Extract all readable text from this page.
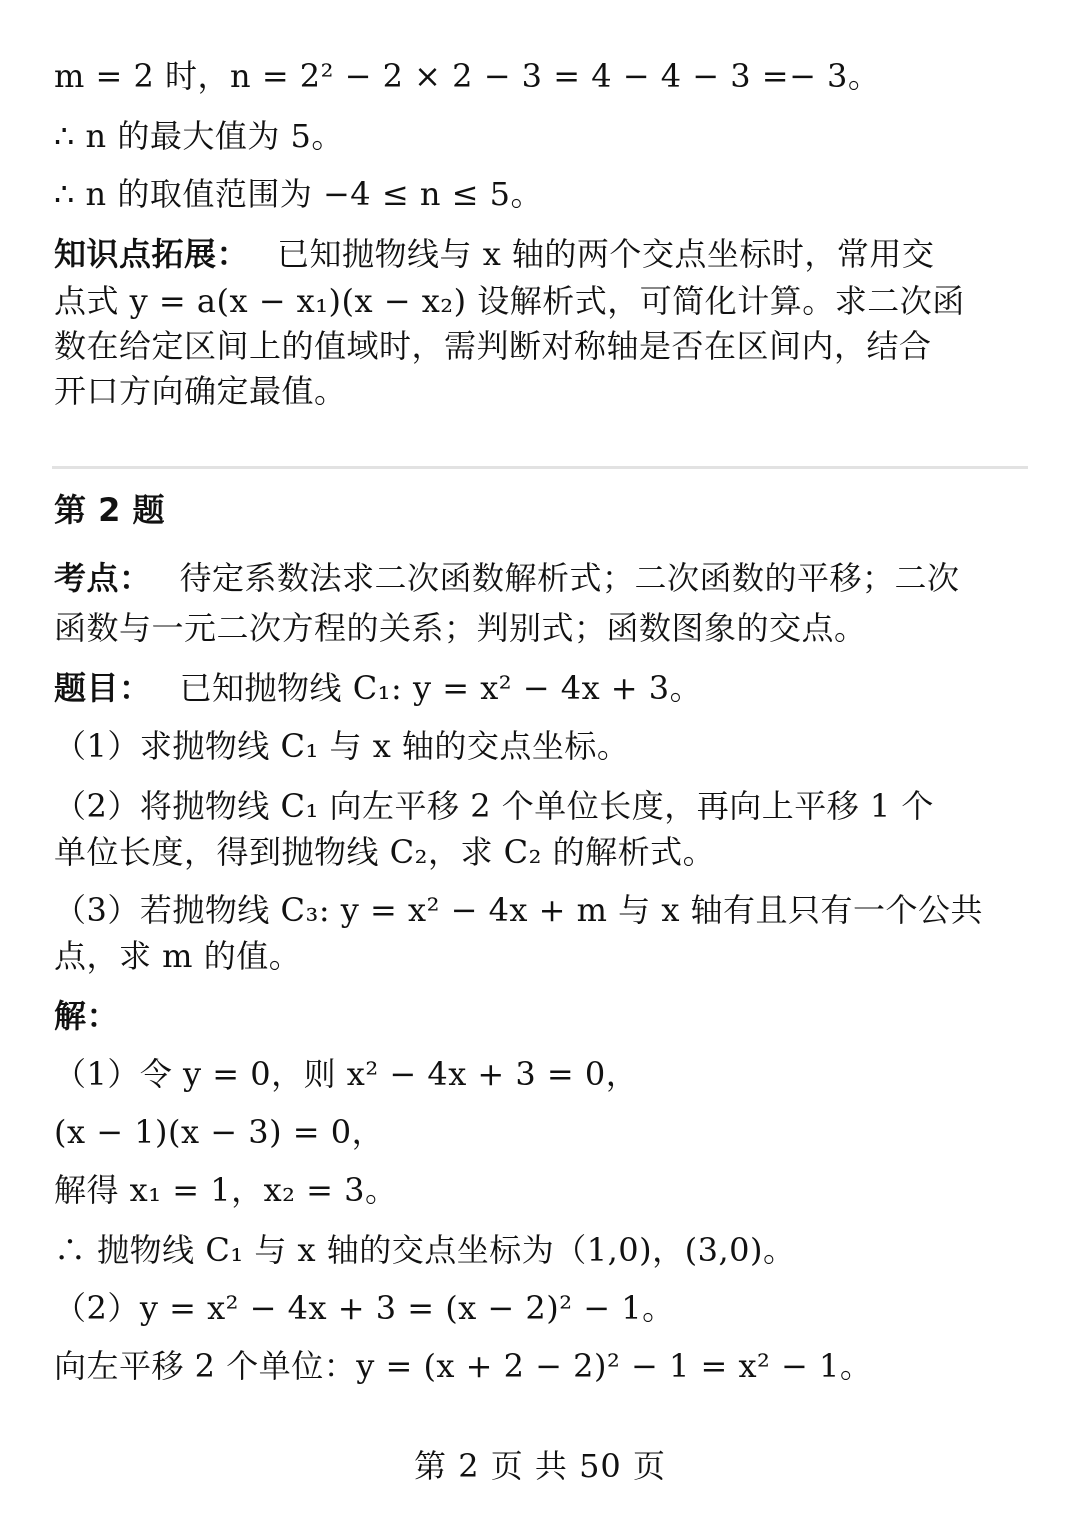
m = 2 时，n = 2² − 2 × 2 − 3 = 4 − 4 − 3 =− 3。
∴ n 的最大值为 5。
∴ n 的取值范围为 −4 ≤ n ≤ 5。
知识点拓展： 已知抛物线与 x 轴的两个交点坐标时，常用交
点式 y = a(x − x₁)(x − x₂) 设解析式，可简化计算。求二次函
数在给定区间上的值域时，需判断对称轴是否在区间内，结合
开口方向确定最值。
第 2 题
考点： 待定系数法求二次函数解析式；二次函数的平移；二次
函数与一元二次方程的关系；判别式；函数图象的交点。
题目： 已知抛物线 C₁: y = x² − 4x + 3。
（1）求抛物线 C₁ 与 x 轴的交点坐标。
（2）将抛物线 C₁ 向左平移 2 个单位长度，再向上平移 1 个
单位长度，得到抛物线 C₂，求 C₂ 的解析式。
（3）若抛物线 C₃: y = x² − 4x + m 与 x 轴有且只有一个公共
点，求 m 的值。
解：
（1）令 y = 0，则 x² − 4x + 3 = 0，
(x − 1)(x − 3) = 0，
解得 x₁ = 1，x₂ = 3。
∴ 抛物线 C₁ 与 x 轴的交点坐标为（1,0)，(3,0)。
（2）y = x² − 4x + 3 = (x − 2)² − 1。
向左平移 2 个单位：y = (x + 2 − 2)² − 1 = x² − 1。
第 2 页 共 50 页
